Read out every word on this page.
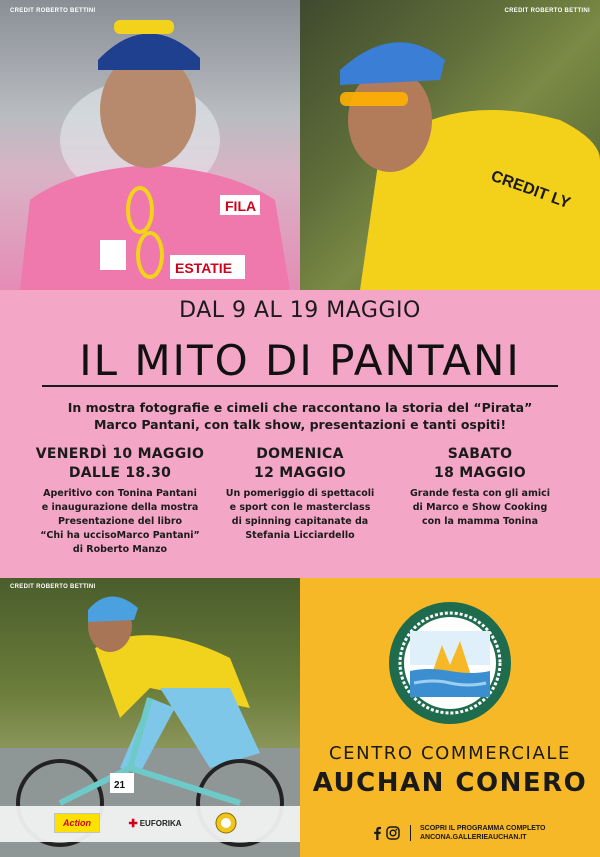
FILA
ESTATIE
CREDIT ROBERTO BETTINI
CREDIT LY
CREDIT ROBERTO BETTINI
DAL 9 AL 19 MAGGIO
IL MITO DI PANTANI
In mostra fotografie e cimeli che raccontano la storia del “Pirata”
Marco Pantani, con talk show, presentazioni e tanti ospiti!
VENERDÌ 10 MAGGIO
DALLE 18.30
Aperitivo con Tonina Pantani
e inaugurazione della mostra
Presentazione del libro
“Chi ha uccisoMarco Pantani”
di Roberto Manzo
DOMENICA
12 MAGGIO
Un pomeriggio di spettacoli
e sport con le masterclass
di spinning capitanate da
Stefania Licciardello
SABATO
18 MAGGIO
Grande festa con gli amici
di Marco e Show Cooking
con la mamma Tonina
21
CREDIT ROBERTO BETTINI
Action	✚ EUFORIKA
CENTRO COMMERCIALE
AUCHAN CONERO
SCOPRI IL PROGRAMMA COMPLETO
ANCONA.GALLERIEAUCHAN.IT
